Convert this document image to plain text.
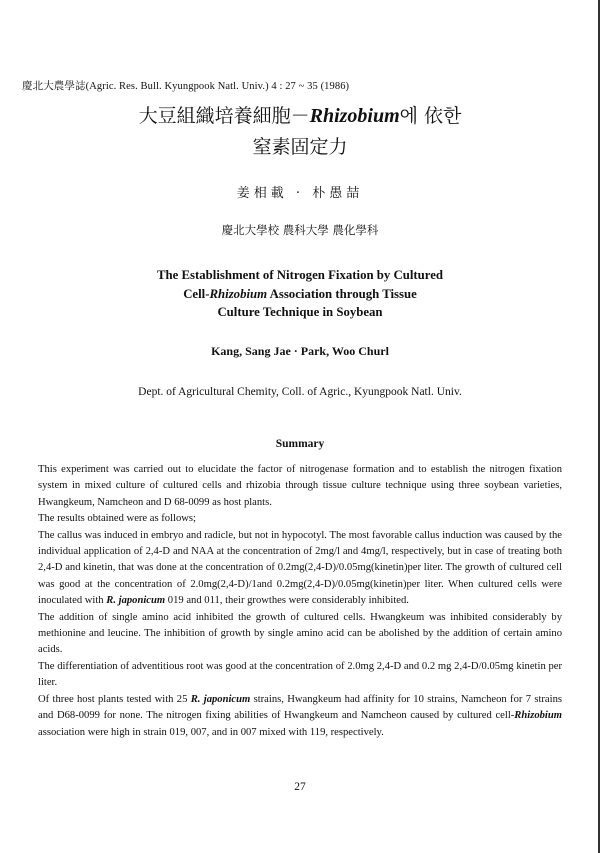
慶北大農學誌(Agric. Res. Bull. Kyungpook Natl. Univ.) 4 : 27 ~ 35 (1986)
大豆組織培養細胞－Rhizobium에 依한
窒素固定力
姜相載 · 朴愚喆
慶北大學校 農科大學 農化學科
The Establishment of Nitrogen Fixation by Cultured
Cell-Rhizobium Association through Tissue
Culture Technique in Soybean
Kang, Sang Jae · Park, Woo Churl
Dept. of Agricultural Chemity, Coll. of Agric., Kyungpook Natl. Univ.
Summary

This experiment was carried out to elucidate the factor of nitrogenase formation and to establish the nitrogen fixation system in mixed culture of cultured cells and rhizobia through tissue culture technique using three soybean varieties, Hwangkeum, Namcheon and D 68-0099 as host plants.

The results obtained were as follows;

The callus was induced in embryo and radicle, but not in hypocotyl. The most favorable callus induction was caused by the individual application of 2,4-D and NAA at the concentration of 2mg/l and 4mg/l, respectively, but in case of treating both 2,4-D and kinetin, that was done at the concentration of 0.2mg(2,4-D)/0.05mg(kinetin)per liter. The growth of cultured cell was good at the concentration of 2.0mg(2,4-D)/1and 0.2mg(2,4-D)/0.05mg(kinetin)per liter. When cultured cells were inoculated with R. japonicum 019 and 011, their growthes were considerably inhibited.

The addition of single amino acid inhibited the growth of cultured cells. Hwangkeum was inhibited considerably by methionine and leucine. The inhibition of growth by single amino acid can be abolished by the addition of certain amino acids.

The differentiation of adventitious root was good at the concentration of 2.0mg 2,4-D and 0.2 mg 2,4-D/0.05mg kinetin per liter.

Of three host plants tested with 25 R. japonicum strains, Hwangkeum had affinity for 10 strains, Namcheon for 7 strains and D68-0099 for none. The nitrogen fixing abilities of Hwangkeum and Namcheon caused by cultured cell-Rhizobium association were high in strain 019, 007, and in 007 mixed with 119, respectively.

27
